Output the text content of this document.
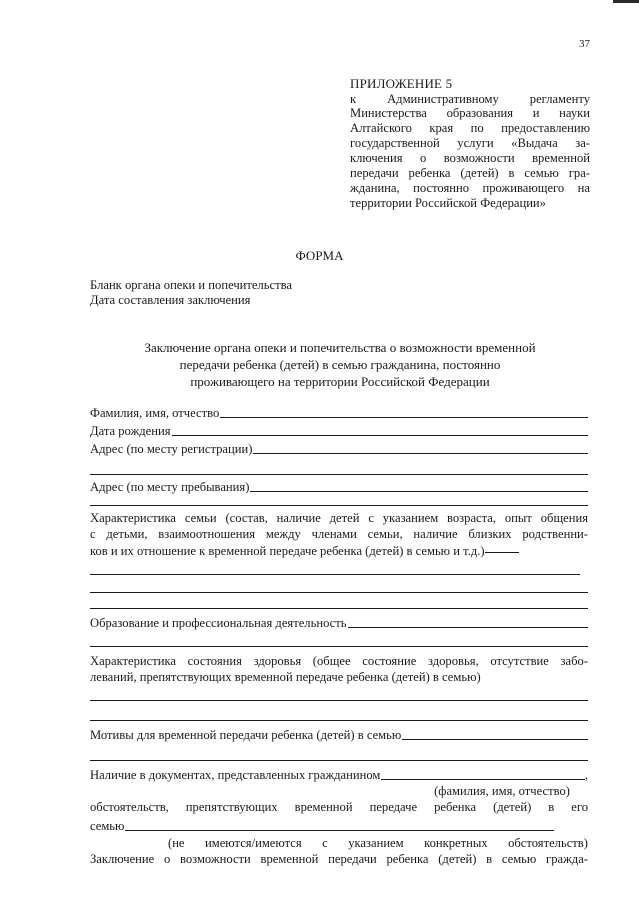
37
ПРИЛОЖЕНИЕ 5
к Административному регламенту
Министерства образования и науки
Алтайского края по предоставлению
государственной услуги «Выдача за-
ключения о возможности временной
передачи ребенка (детей) в семью гра-
жданина, постоянно проживающего на
территории Российской Федерации»
ФОРМА
Бланк органа опеки и попечительства
Дата составления заключения
Заключение органа опеки и попечительства о возможности временной
передачи ребенка (детей) в семью гражданина, постоянно
проживающего на территории Российской Федерации
Фамилия, имя, отчество
Дата рождения
Адрес (по месту регистрации)
Адрес (по месту пребывания)
Характеристика семьи (состав, наличие детей с указанием возраста, опыт общения
с детьми, взаимоотношения между членами семьи, наличие близких родственни-
ков и их отношение к временной передаче ребенка (детей) в семью и т.д.)
Образование и профессиональная деятельность
Характеристика состояния здоровья (общее состояние здоровья, отсутствие забо-
леваний, препятствующих временной передаче ребенка (детей) в семью)
Мотивы для временной передачи ребенка (детей) в семью
Наличие в документах, представленных гражданином	,
(фамилия, имя, отчество)
обстоятельств, препятствующих временной передаче ребенка (детей) в его
семью
(не имеются/имеются с указанием конкретных обстоятельств)
Заключение о возможности временной передачи ребенка (детей) в семью гражда-
